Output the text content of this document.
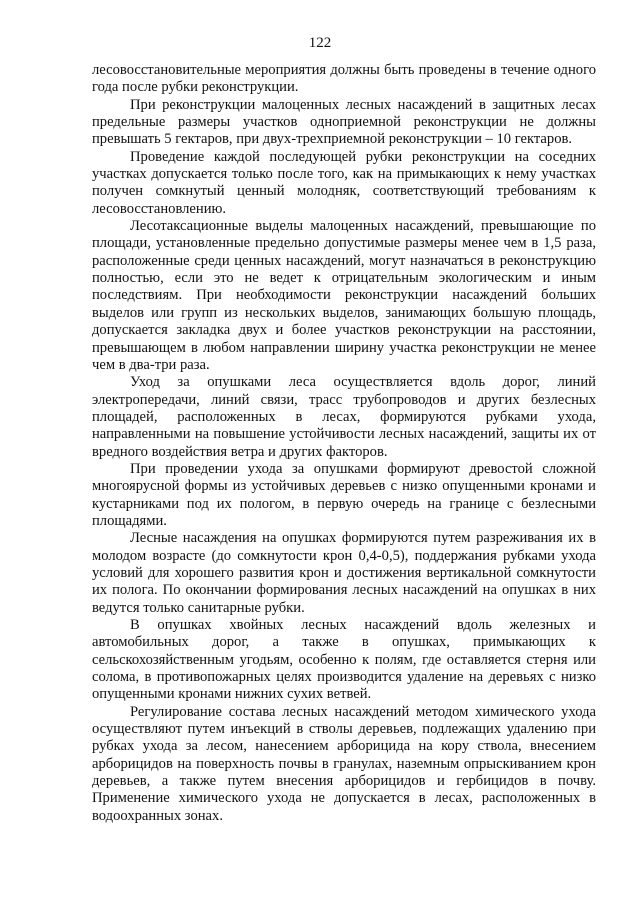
122

лесовосстановительные мероприятия должны быть проведены в течение одного года после рубки реконструкции.

При реконструкции малоценных лесных насаждений в защитных лесах предельные размеры участков одноприемной реконструкции не должны превышать 5 гектаров, при двух-трехприемной реконструкции – 10 гектаров.

Проведение каждой последующей рубки реконструкции на соседних участках допускается только после того, как на примыкающих к нему участках получен сомкнутый ценный молодняк, соответствующий требованиям к лесовосстановлению.

Лесотаксационные выделы малоценных насаждений, превышающие по площади, установленные предельно допустимые размеры менее чем в 1,5 раза, расположенные среди ценных насаждений, могут назначаться в реконструкцию полностью, если это не ведет к отрицательным экологическим и иным последствиям. При необходимости реконструкции насаждений больших выделов или групп из нескольких выделов, занимающих большую площадь, допускается закладка двух и более участков реконструкции на расстоянии, превышающем в любом направлении ширину участка реконструкции не менее чем в два-три раза.

Уход за опушками леса осуществляется вдоль дорог, линий электропередачи, линий связи, трасс трубопроводов и других безлесных площадей, расположенных в лесах, формируются рубками ухода, направленными на повышение устойчивости лесных насаждений, защиты их от вредного воздействия ветра и других факторов.

При проведении ухода за опушками формируют древостой сложной многоярусной формы из устойчивых деревьев с низко опущенными кронами и кустарниками под их пологом, в первую очередь на границе с безлесными площадями.

Лесные насаждения на опушках формируются путем разреживания их в молодом возрасте (до сомкнутости крон 0,4-0,5), поддержания рубками ухода условий для хорошего развития крон и достижения вертикальной сомкнутости их полога. По окончании формирования лесных насаждений на опушках в них ведутся только санитарные рубки.

В опушках хвойных лесных насаждений вдоль железных и автомобильных дорог, а также в опушках, примыкающих к сельскохозяйственным угодьям, особенно к полям, где оставляется стерня или солома, в противопожарных целях производится удаление на деревьях с низко опущенными кронами нижних сухих ветвей.

Регулирование состава лесных насаждений методом химического ухода осуществляют путем инъекций в стволы деревьев, подлежащих удалению при рубках ухода за лесом, нанесением арборицида на кору ствола, внесением арборицидов на поверхность почвы в гранулах, наземным опрыскиванием крон деревьев, а также путем внесения арборицидов и гербицидов в почву. Применение химического ухода не допускается в лесах, расположенных в водоохранных зонах.
